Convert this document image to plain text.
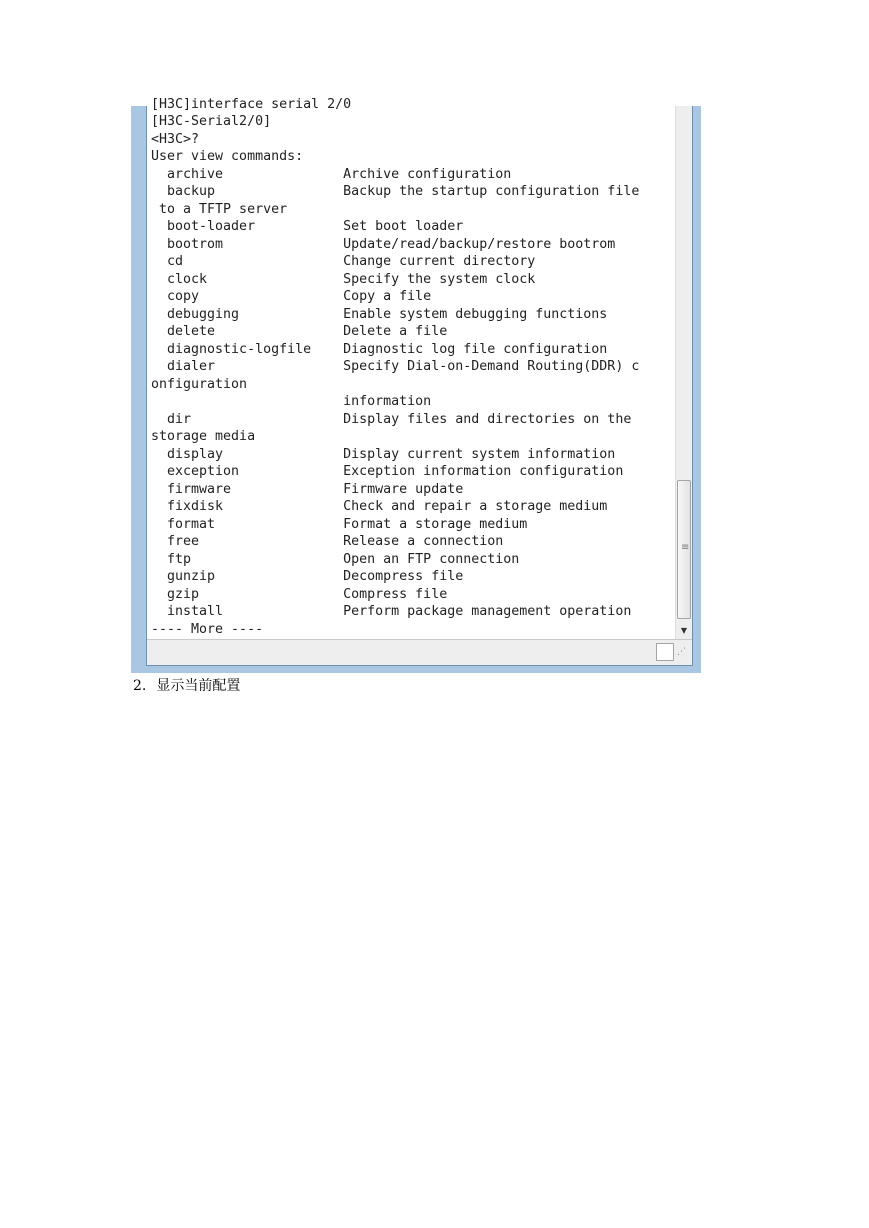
[H3C]interface serial 2/0
[H3C-Serial2/0]
<H3C>?
User view commands:
archive               Archive configuration
backup                Backup the startup configuration file
to a TFTP server
boot-loader           Set boot loader
bootrom               Update/read/backup/restore bootrom
cd                    Change current directory
clock                 Specify the system clock
copy                  Copy a file
debugging             Enable system debugging functions
delete                Delete a file
diagnostic-logfile    Diagnostic log file configuration
dialer                Specify Dial-on-Demand Routing(DDR) c
onfiguration
information
dir                   Display files and directories on the
storage media
display               Display current system information
exception             Exception information configuration
firmware              Firmware update
fixdisk               Check and repair a storage medium
format                Format a storage medium
free                  Release a connection
ftp                   Open an FTP connection
gunzip                Decompress file
gzip                  Compress file
install               Perform package management operation
---- More ----
≡
▼
⋰
2. 显示当前配置
